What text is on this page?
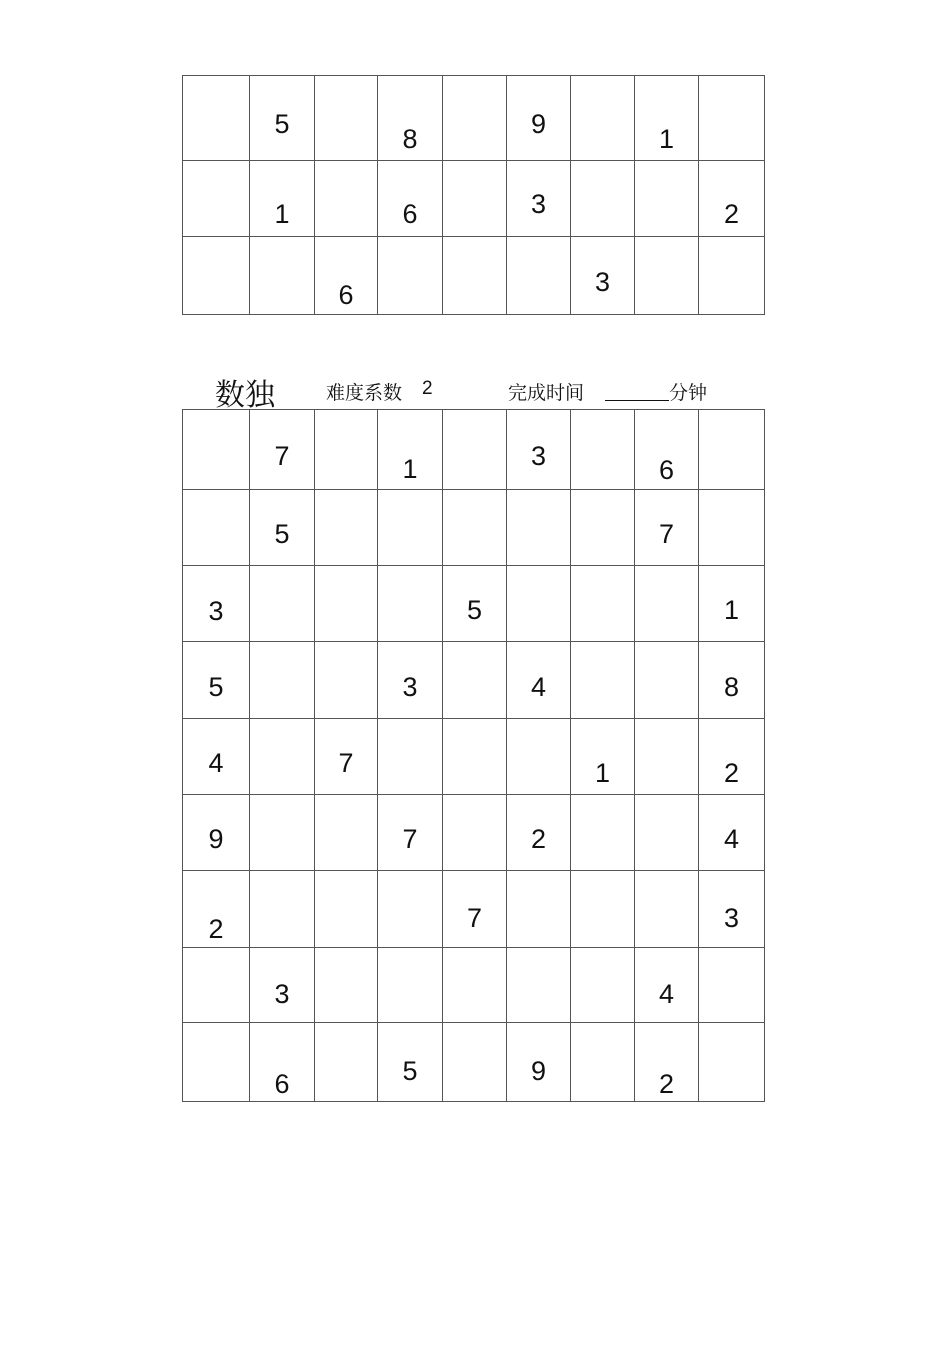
	5		8		9		1	

	1		6		3			2

		6				3		

数独	难度系数 2	完成时间	分钟

	7		1		3		6	

	5						7	

3				5				1

5			3		4			8

4		7				1		2

9			7		2			4

2				7				3

	3						4	

	6		5		9		2	
